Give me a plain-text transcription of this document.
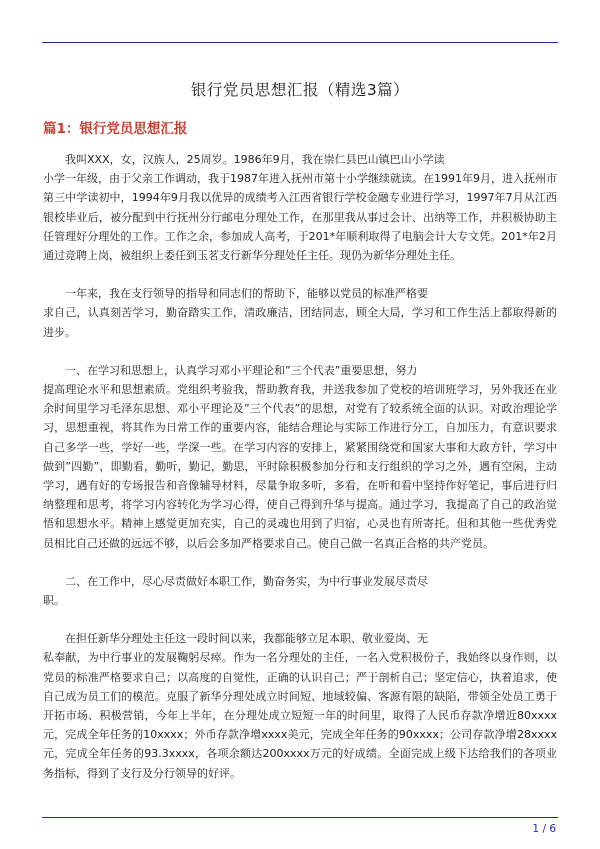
银行党员思想汇报（精选3篇）
篇1：银行党员思想汇报

我叫XXX，女，汉族人，25周岁。1986年9月，我在崇仁县巴山镇巴山小学读
小学一年级，由于父亲工作调动，我于1987年进入抚州市第十小学继续就读。在1991年9月，进入抚州市第三中学读初中，1994年9月我以优异的成绩考入江西省银行学校金融专业进行学习，1997年7月从江西银校毕业后，被分配到中行抚州分行邮电分理处工作，在那里我从事过会计、出纳等工作，并积极协助主任管理好分理处的工作。工作之余，参加成人高考，于201*年顺利取得了电脑会计大专文凭。201*年2月通过竞聘上岗，被组织上委任到玉茗支行新华分理处任主任。现仍为新华分理处主任。

一年来，我在支行领导的指导和同志们的帮助下，能够以党员的标准严格要
求自己，认真刻苦学习，勤奋踏实工作，清政廉洁，团结同志，顾全大局，学习和工作生活上都取得新的进步。

一、在学习和思想上，认真学习邓小平理论和”三个代表”重要思想，努力
提高理论水平和思想素质。党组织考验我，帮助教育我，并送我参加了党校的培训班学习，另外我还在业余时间里学习毛泽东思想、邓小平理论及”三个代表”的思想，对党有了较系统全面的认识。对政治理论学习，思想重视，将其作为日常工作的重要内容，能结合理论与实际工作进行分工，自加压力，有意识要求自己多学一些，学好一些，学深一些。在学习内容的安排上，紧紧围绕党和国家大事和大政方针，学习中做到”四勤”，即勤看，勤听，勤记，勤思，平时除积极参加分行和支行组织的学习之外，遇有空闲，主动学习，遇有好的专场报告和音像辅导材料，尽量争取多听，多看，在听和看中坚持作好笔记，事后进行归纳整理和思考，将学习内容转化为学习心得，使自己得到升华与提高。通过学习，我提高了自己的政治觉悟和思想水平。精神上感觉更加充实，自己的灵魂也用到了归宿，心灵也有所寄托。但和其他一些优秀党员相比自己还做的远远不够，以后会多加严格要求自己。使自己做一名真正合格的共产党员。

二、在工作中，尽心尽责做好本职工作，勤奋务实，为中行事业发展尽责尽
职。

在担任新华分理处主任这一段时间以来，我都能够立足本职、敬业爱岗、无
私奉献，为中行事业的发展鞠躬尽瘁。作为一名分理处的主任，一名入党积极份子，我始终以身作则，以党员的标准严格要求自己；以高度的自觉性，正确的认识自己；严于剖析自己；坚定信心，执着追求，使自己成为员工们的模范。克服了新华分理处成立时间短、地域较偏、客源有限的缺陷，带领全处员工勇于开拓市场、积极营销，今年上半年，在分理处成立短短一年的时间里，取得了人民币存款净增近80xxxx元，完成全年任务的10xxxx；外币存款净增xxxx美元，完成全年任务的90xxxx；公司存款净增28xxxx元，完成全年任务的93.3xxxx，各项余额达200xxxx万元的好成绩。全面完成上级下达给我们的各项业务指标，得到了支行及分行领导的好评。

1 / 6
